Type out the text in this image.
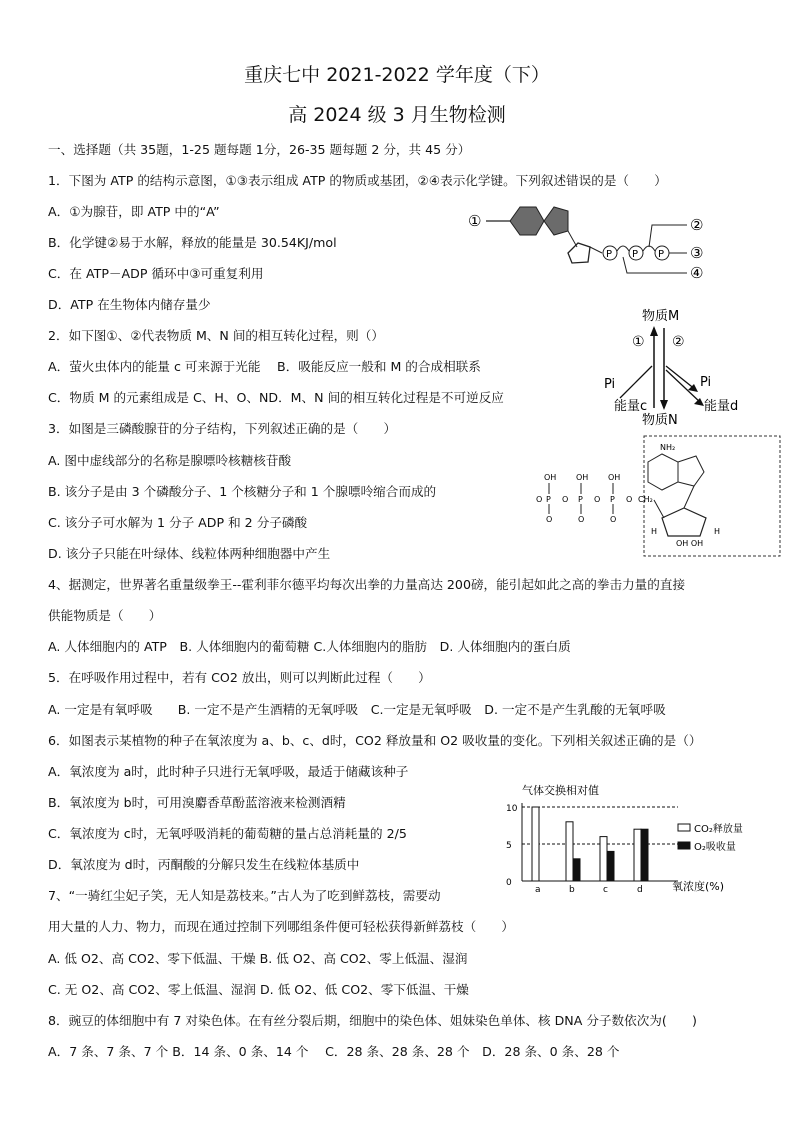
重庆七中 2021-2022 学年度（下）
高 2024 级 3 月生物检测
一、选择题（共 35题，1-25 题每题 1分，26-35 题每题 2 分，共 45 分）
1．下图为 ATP 的结构示意图，①③表示组成 ATP 的物质或基团，②④表示化学键。下列叙述错误的是（　　）
A．①为腺苷，即 ATP 中的“A”
B．化学键②易于水解，释放的能量是 30.54KJ/mol
C．在 ATP－ADP 循环中③可重复利用
D．ATP 在生物体内储存量少
2．如下图①、②代表物质 M、N 间的相互转化过程，则（）
A．萤火虫体内的能量 c 可来源于光能　 B．吸能反应一般和 M 的合成相联系
C．物质 M 的元素组成是 C、H、O、ND．M、N 间的相互转化过程是不可逆反应
3．如图是三磷酸腺苷的分子结构，下列叙述正确的是（　　）
A. 图中虚线部分的名称是腺嘌呤核糖核苷酸
B. 该分子是由 3 个磷酸分子、1 个核糖分子和 1 个腺嘌呤缩合而成的
C. 该分子可水解为 1 分子 ADP 和 2 分子磷酸
D. 该分子只能在叶绿体、线粒体两种细胞器中产生
4、据测定，世界著名重量级拳王--霍利菲尔德平均每次出拳的力量高达 200磅，能引起如此之高的拳击力量的直接
供能物质是（　　）
A. 人体细胞内的 ATP　B. 人体细胞内的葡萄糖 C.人体细胞内的脂肪　D. 人体细胞内的蛋白质
5．在呼吸作用过程中，若有 CO2 放出，则可以判断此过程（　　）
A. 一定是有氧呼吸　　B. 一定不是产生酒精的无氧呼吸　C.一定是无氧呼吸　D. 一定不是产生乳酸的无氧呼吸
6．如图表示某植物的种子在氧浓度为 a、b、c、d时，CO2 释放量和 O2 吸收量的变化。下列相关叙述正确的是（）
A．氧浓度为 a时，此时种子只进行无氧呼吸，最适于储藏该种子
B．氧浓度为 b时，可用溴麝香草酚蓝溶液来检测酒精
C．氧浓度为 c时，无氧呼吸消耗的葡萄糖的量占总消耗量的 2/5
D．氧浓度为 d时，丙酮酸的分解只发生在线粒体基质中
7、“一骑红尘妃子笑，无人知是荔枝来。”古人为了吃到鲜荔枝，需要动
用大量的人力、物力，而现在通过控制下列哪组条件便可轻松获得新鲜荔枝（　　）
A. 低 O2、高 CO2、零下低温、干燥 B. 低 O2、高 CO2、零上低温、湿润
C. 无 O2、高 CO2、零上低温、湿润 D. 低 O2、低 CO2、零下低温、干燥
8．豌豆的体细胞中有 7 对染色体。在有丝分裂后期，细胞中的染色体、姐妹染色单体、核 DNA 分子数依次为(　　)
A．7 条、7 条、7 个 B．14 条、0 条、14 个　 C．28 条、28 条、28 个　D．28 条、0 条、28 个
①
P P P
②
③
④
物质M
物质N
① ②
Pi
能量c
Pi
能量d
OH OH OH
O P O P O P O CH₂
O	O	O
NH₂
OH OH
H	H
气体交换相对值
氧浓度(%)
0
5
10
a	b	c	d
CO₂释放量
O₂吸收量
